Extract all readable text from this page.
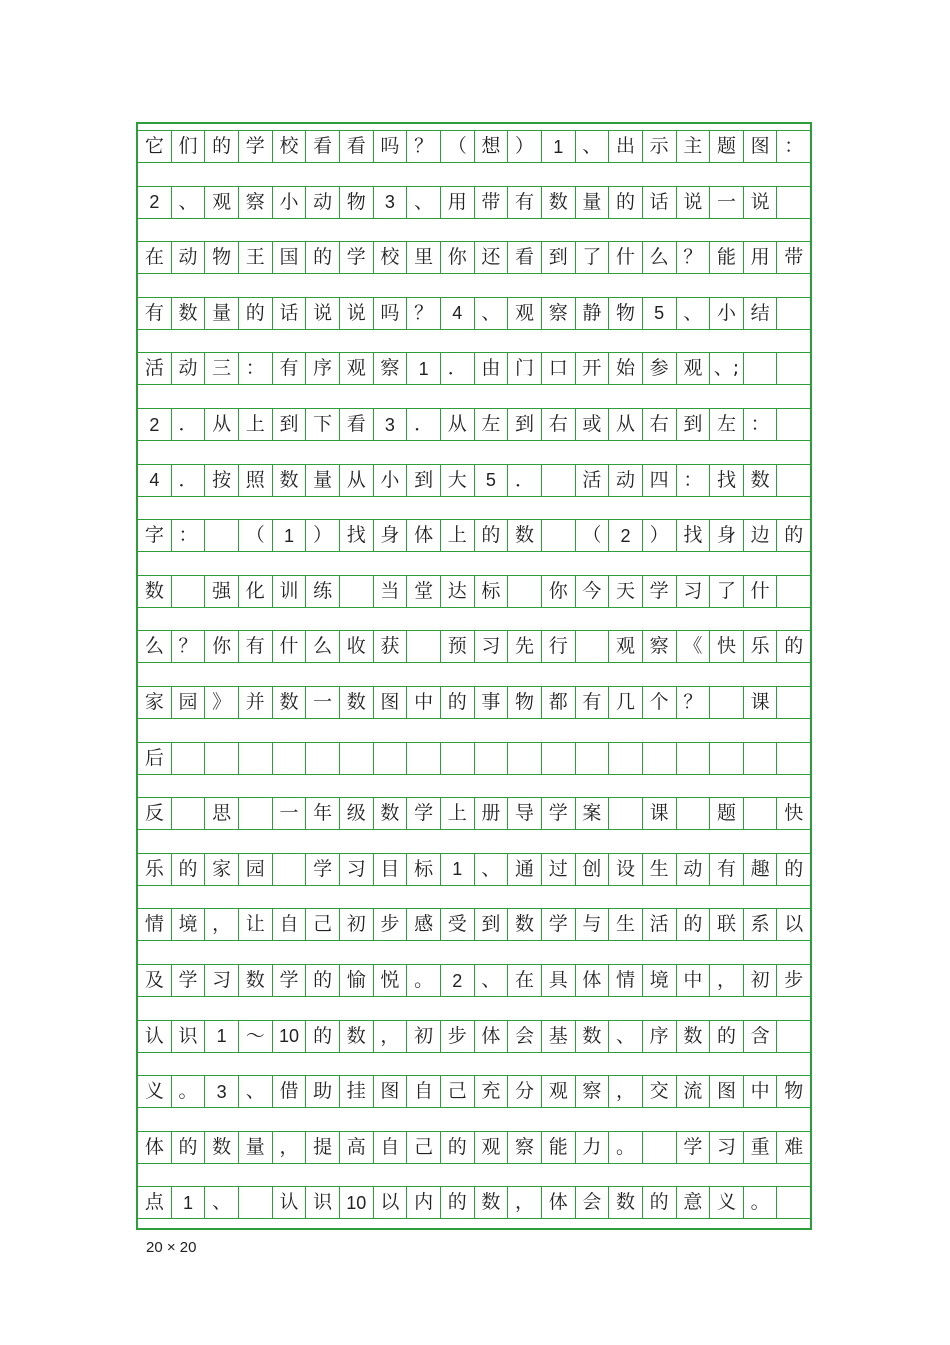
它 们 的 学 校 看 看 吗 ？ （ 想 ）	1	、 出 示 主 题 图 ：
2	、 观 察 小 动 物	3	、 用 带 有 数 量 的 话 说 一 说
在 动 物 王 国 的 学 校 里 你 还 看 到 了 什 么 ？ 能 用 带
有 数 量 的 话 说 说 吗 ？	4	、 观 察 静 物	5	、 小 结
活 动 三 ： 有 序 观 察	1	． 由 门 口 开 始 参 观 、;
2	． 从 上 到 下 看	3	． 从 左 到 右 或 从 右 到 左 ：
4	． 按 照 数 量 从 小 到 大	5	．	活 动 四 ： 找 数
字 ：	（	1	） 找 身 体 上 的 数	（	2	） 找 身 边 的
数	强 化 训 练	当 堂 达 标	你 今 天 学 习 了 什
么 ？ 你 有 什 么 收 获	预 习 先 行	观 察 《 快 乐 的
家 园 》 并 数 一 数 图 中 的 事 物 都 有 几 个 ？	课
后
反	思	一 年 级 数 学 上 册 导 学 案	课	题	快
乐 的 家 园	学 习 目 标	1	、 通 过 创 设 生 动 有 趣 的
情 境 ， 让 自 己 初 步 感 受 到 数 学 与 生 活 的 联 系 以
及 学 习 数 学 的 愉 悦 。	2	、 在 具 体 情 境 中 ， 初 步
认 识	1	～ 10 的 数 ， 初 步 体 会 基 数 、 序 数 的 含
义 。	3	、 借 助 挂 图 自 己 充 分 观 察 ， 交 流 图 中 物
体 的 数 量 ， 提 高 自 己 的 观 察 能 力 。	学 习 重 难
点	1	、	认 识 10 以 内 的 数 ， 体 会 数 的 意 义 。
20 × 20
